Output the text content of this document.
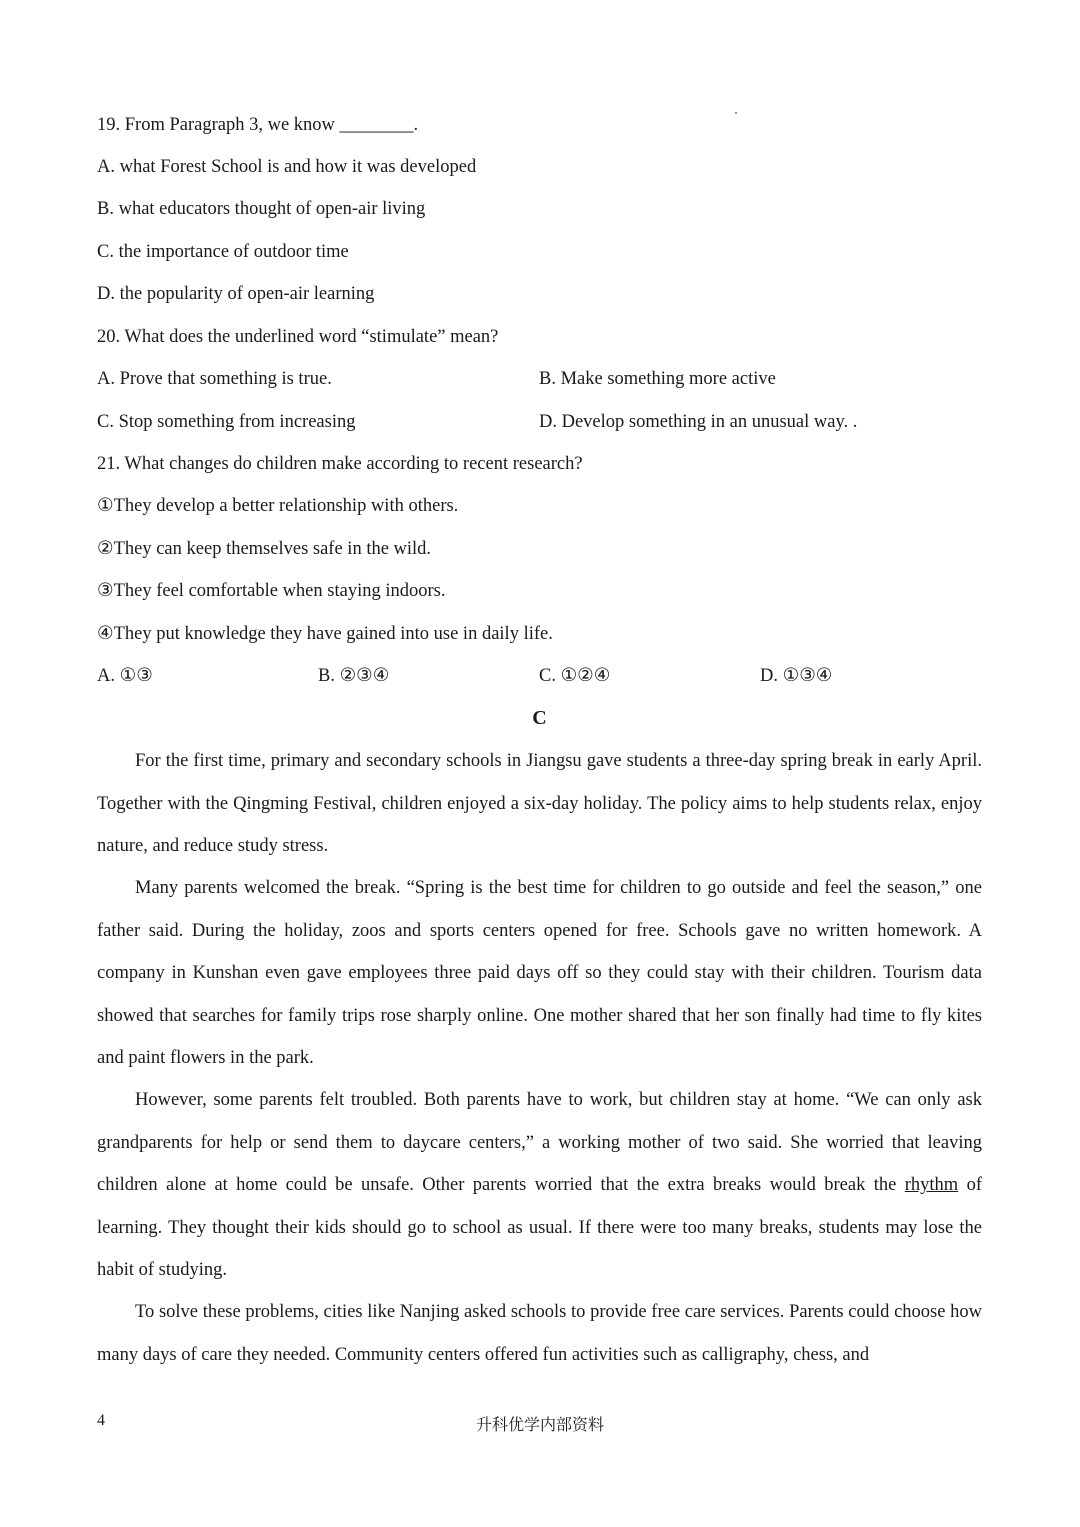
19. From Paragraph 3, we know ________.
A. what Forest School is and how it was developed
B. what educators thought of open-air living
C. the importance of outdoor time
D. the popularity of open-air learning
20. What does the underlined word “stimulate” mean?
A. Prove that something is true.	B. Make something more active
C. Stop something from increasing	D. Develop something in an unusual way. .
21. What changes do children make according to recent research?
①They develop a better relationship with others.
②They can keep themselves safe in the wild.
③They feel comfortable when staying indoors.
④They put knowledge they have gained into use in daily life.
A. ①③	B. ②③④	C. ①②④	D. ①③④
C

For the first time, primary and secondary schools in Jiangsu gave students a three-day spring break in early April. Together with the Qingming Festival, children enjoyed a six-day holiday. The policy aims to help students relax, enjoy nature, and reduce study stress.

Many parents welcomed the break. “Spring is the best time for children to go outside and feel the season,” one father said. During the holiday, zoos and sports centers opened for free. Schools gave no written homework. A company in Kunshan even gave employees three paid days off so they could stay with their children. Tourism data showed that searches for family trips rose sharply online. One mother shared that her son finally had time to fly kites and paint flowers in the park.

However, some parents felt troubled. Both parents have to work, but children stay at home. “We can only ask grandparents for help or send them to daycare centers,” a working mother of two said. She worried that leaving children alone at home could be unsafe. Other parents worried that the extra breaks would break the rhythm of learning. They thought their kids should go to school as usual. If there were too many breaks, students may lose the habit of studying.

To solve these problems, cities like Nanjing asked schools to provide free care services. Parents could choose how many days of care they needed. Community centers offered fun activities such as calligraphy, chess, and

4	升科优学内部资料
